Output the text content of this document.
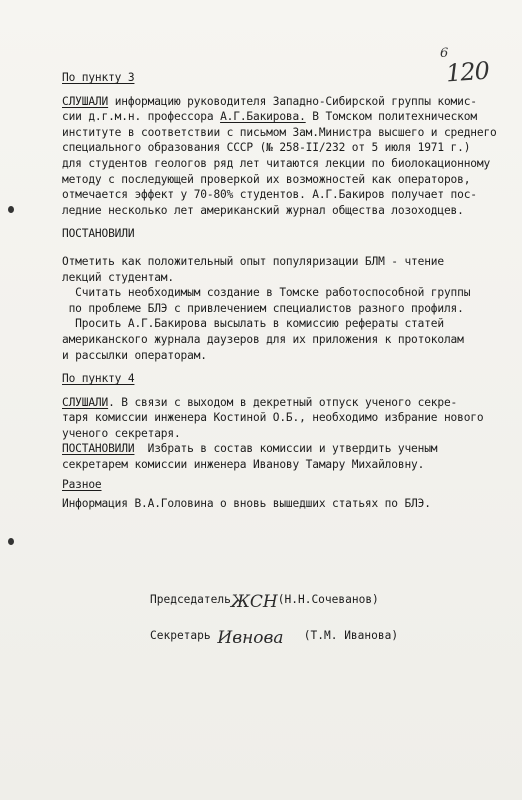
6
120
По пункту 3
СЛУШАЛИ информацию руководителя Западно-Сибирской группы комис-
сии д.г.м.н. профессора А.Г.Бакирова. В Томском политехническом
институте в соответствии с письмом Зам.Министра высшего и среднего
специального образования СССР (№ 258-II/232 от 5 июля 1971 г.)
для студентов геологов ряд лет читаются лекции по биолокационному
методу с последующей проверкой их возможностей как операторов,
отмечается эффект у 70-80% студентов. А.Г.Бакиров получает пос-
ледние несколько лет американский журнал общества лозоходцев.
ПОСТАНОВИЛИ
Отметить как положительный опыт популяризации БЛМ - чтение
лекций студентам.
Считать необходимым создание в Томске работоспособной группы
по проблеме БЛЭ с привлечением специалистов разного профиля.
Просить А.Г.Бакирова высылать в комиссию рефераты статей
американского журнала даузеров для их приложения к протоколам
и рассылки операторам.
По пункту 4
СЛУШАЛИ. В связи с выходом в декретный отпуск ученого секре-
таря комиссии инженера Костиной О.Б., необходимо избрание нового
ученого секретаря.
ПОСТАНОВИЛИ  Избрать в состав комиссии и утвердить ученым
секретарем комиссии инженера Иванову Тамару Михайловну.
Разное
Информация В.А.Головина о вновь вышедших статьях по БЛЭ.
ПредседательЖСН(Н.Н.Сочеванов)
Секретарь Ивнова (Т.М. Иванова)
